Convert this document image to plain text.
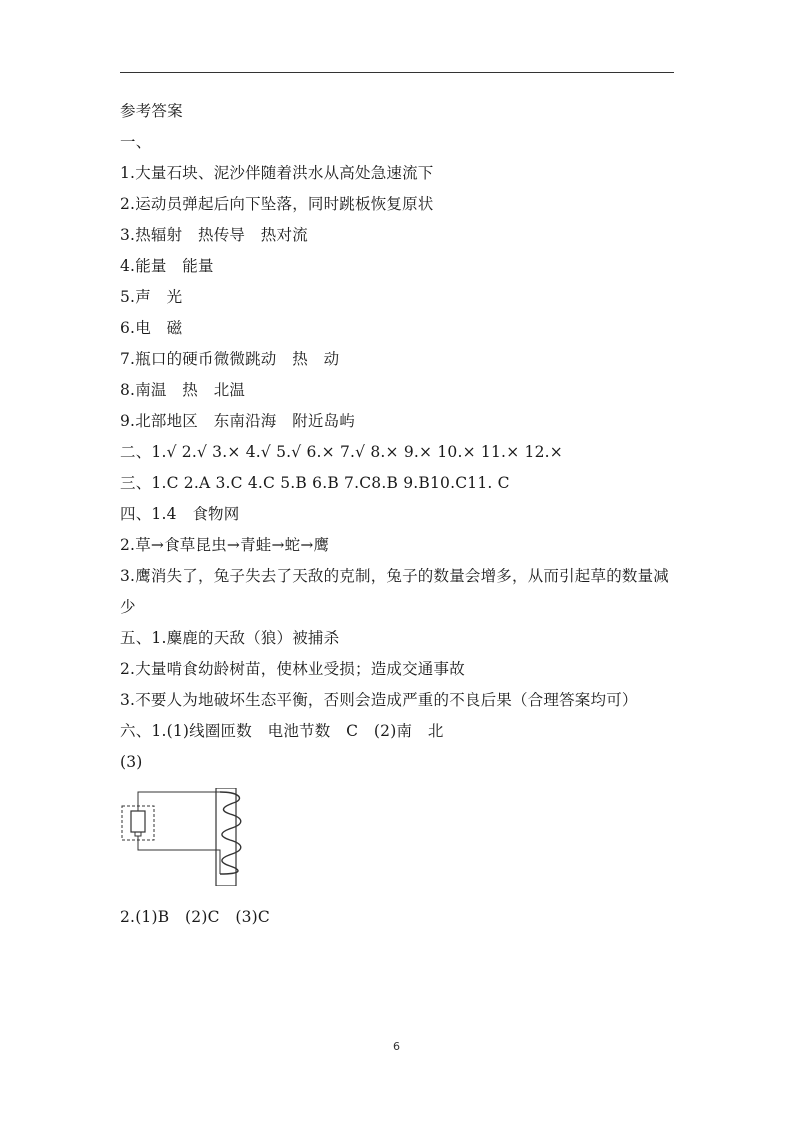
参考答案
一、
1.大量石块、泥沙伴随着洪水从高处急速流下
2.运动员弹起后向下坠落，同时跳板恢复原状
3.热辐射　热传导　热对流
4.能量　能量
5.声　光
6.电　磁
7.瓶口的硬币微微跳动　热　动
8.南温　热　北温
9.北部地区　东南沿海　附近岛屿
二、1.√ 2.√ 3.× 4.√ 5.√ 6.× 7.√ 8.× 9.× 10.× 11.× 12.×
三、1.C 2.A 3.C 4.C 5.B 6.B 7.C8.B 9.B10.C11. C
四、1.4　食物网
2.草→食草昆虫→青蛙→蛇→鹰
3.鹰消失了，兔子失去了天敌的克制，兔子的数量会增多，从而引起草的数量减少
五、1.麋鹿的天敌（狼）被捕杀
2.大量啃食幼龄树苗，使林业受损；造成交通事故
3.不要人为地破坏生态平衡，否则会造成严重的不良后果（合理答案均可）
六、1.(1)线圈匝数　电池节数　C　(2)南　北
(3)
2.(1)B　(2)C　(3)C
6
